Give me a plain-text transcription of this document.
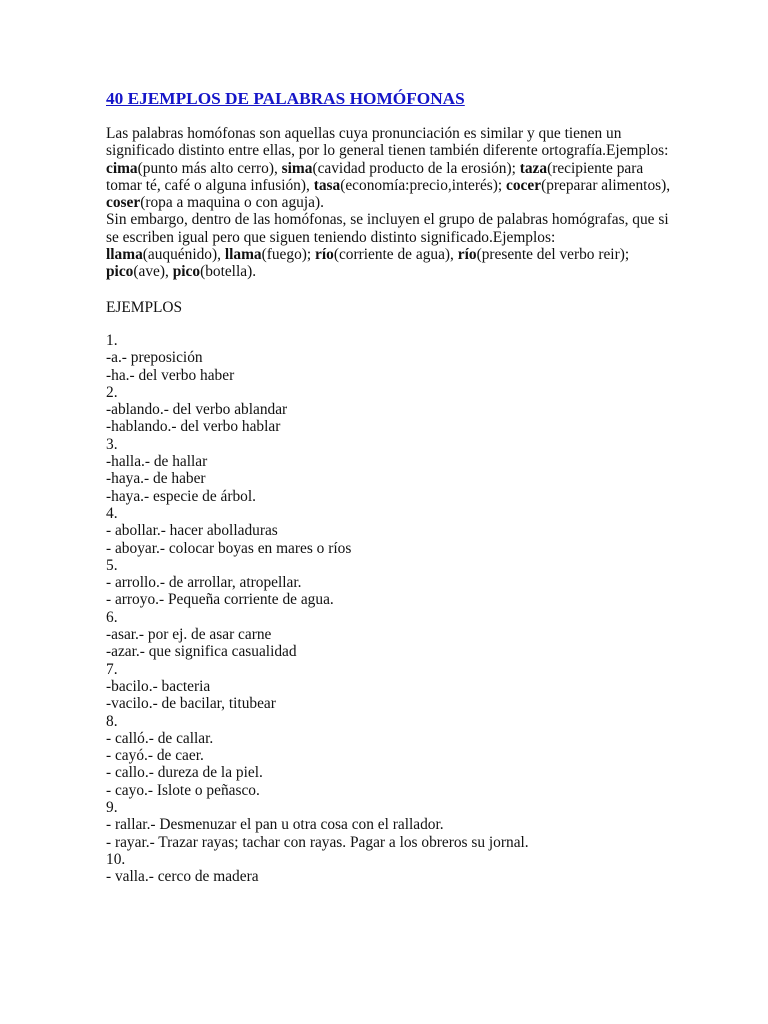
40 EJEMPLOS DE PALABRAS HOMÓFONAS
Las palabras homófonas son aquellas cuya pronunciación es similar y que tienen un
significado distinto entre ellas, por lo general tienen también diferente ortografía.Ejemplos:
cima(punto más alto cerro), sima(cavidad producto de la erosión); taza(recipiente para
tomar té, café o alguna infusión), tasa(economía:precio,interés); cocer(preparar alimentos),
coser(ropa a maquina o con aguja).
Sin embargo, dentro de las homófonas, se incluyen el grupo de palabras homógrafas, que si
se escriben igual pero que siguen teniendo distinto significado.Ejemplos:
llama(auquénido), llama(fuego); río(corriente de agua), río(presente del verbo reir);
pico(ave), pico(botella).
EJEMPLOS
1.
-a.- preposición
-ha.- del verbo haber
2.
-ablando.- del verbo ablandar
-hablando.- del verbo hablar
3.
-halla.- de hallar
-haya.- de haber
-haya.- especie de árbol.
4.
- abollar.- hacer abolladuras
- aboyar.- colocar boyas en mares o ríos
5.
- arrollo.- de arrollar, atropellar.
- arroyo.- Pequeña corriente de agua.
6.
-asar.- por ej. de asar carne
-azar.- que significa casualidad
7.
-bacilo.- bacteria
-vacilo.- de bacilar, titubear
8.
- calló.- de callar.
- cayó.- de caer.
- callo.- dureza de la piel.
- cayo.- Islote o peñasco.
9.
- rallar.- Desmenuzar el pan u otra cosa con el rallador.
- rayar.- Trazar rayas; tachar con rayas. Pagar a los obreros su jornal.
10.
- valla.- cerco de madera
